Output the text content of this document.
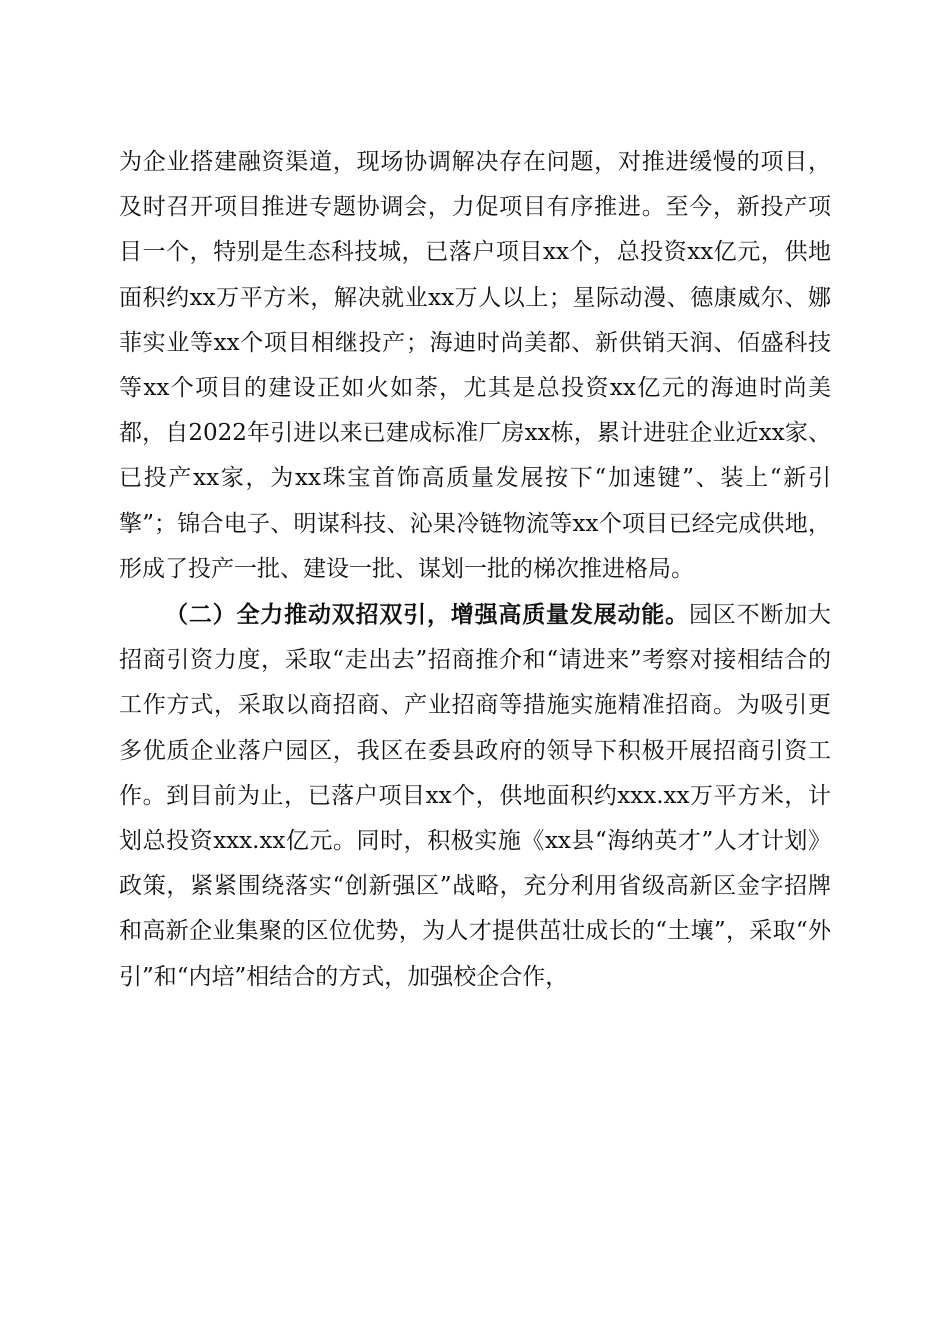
为企业搭建融资渠道，现场协调解决存在问题，对推进缓慢的项目，及时召开项目推进专题协调会，力促项目有序推进。至今，新投产项目一个，特别是生态科技城，已落户项目xx个，总投资xx亿元，供地面积约xx万平方米，解决就业xx万人以上；星际动漫、德康威尔、娜菲实业等xx个项目相继投产；海迪时尚美都、新供销天润、佰盛科技等xx个项目的建设正如火如荼，尤其是总投资xx亿元的海迪时尚美都，自2022年引进以来已建成标准厂房xx栋，累计进驻企业近xx家、已投产xx家，为xx珠宝首饰高质量发展按下“加速键”、装上“新引擎”；锦合电子、明谋科技、沁果冷链物流等xx个项目已经完成供地，形成了投产一批、建设一批、谋划一批的梯次推进格局。

（二）全力推动双招双引，增强高质量发展动能。园区不断加大招商引资力度，采取“走出去”招商推介和“请进来”考察对接相结合的工作方式，采取以商招商、产业招商等措施实施精准招商。为吸引更多优质企业落户园区，我区在委县政府的领导下积极开展招商引资工作。到目前为止，已落户项目xx个，供地面积约xxx.xx万平方米，计划总投资xxx.xx亿元。同时，积极实施《xx县“海纳英才”人才计划》政策，紧紧围绕落实“创新强区”战略，充分利用省级高新区金字招牌和高新企业集聚的区位优势，为人才提供茁壮成长的“土壤”，采取“外引”和“内培”相结合的方式，加强校企合作，
